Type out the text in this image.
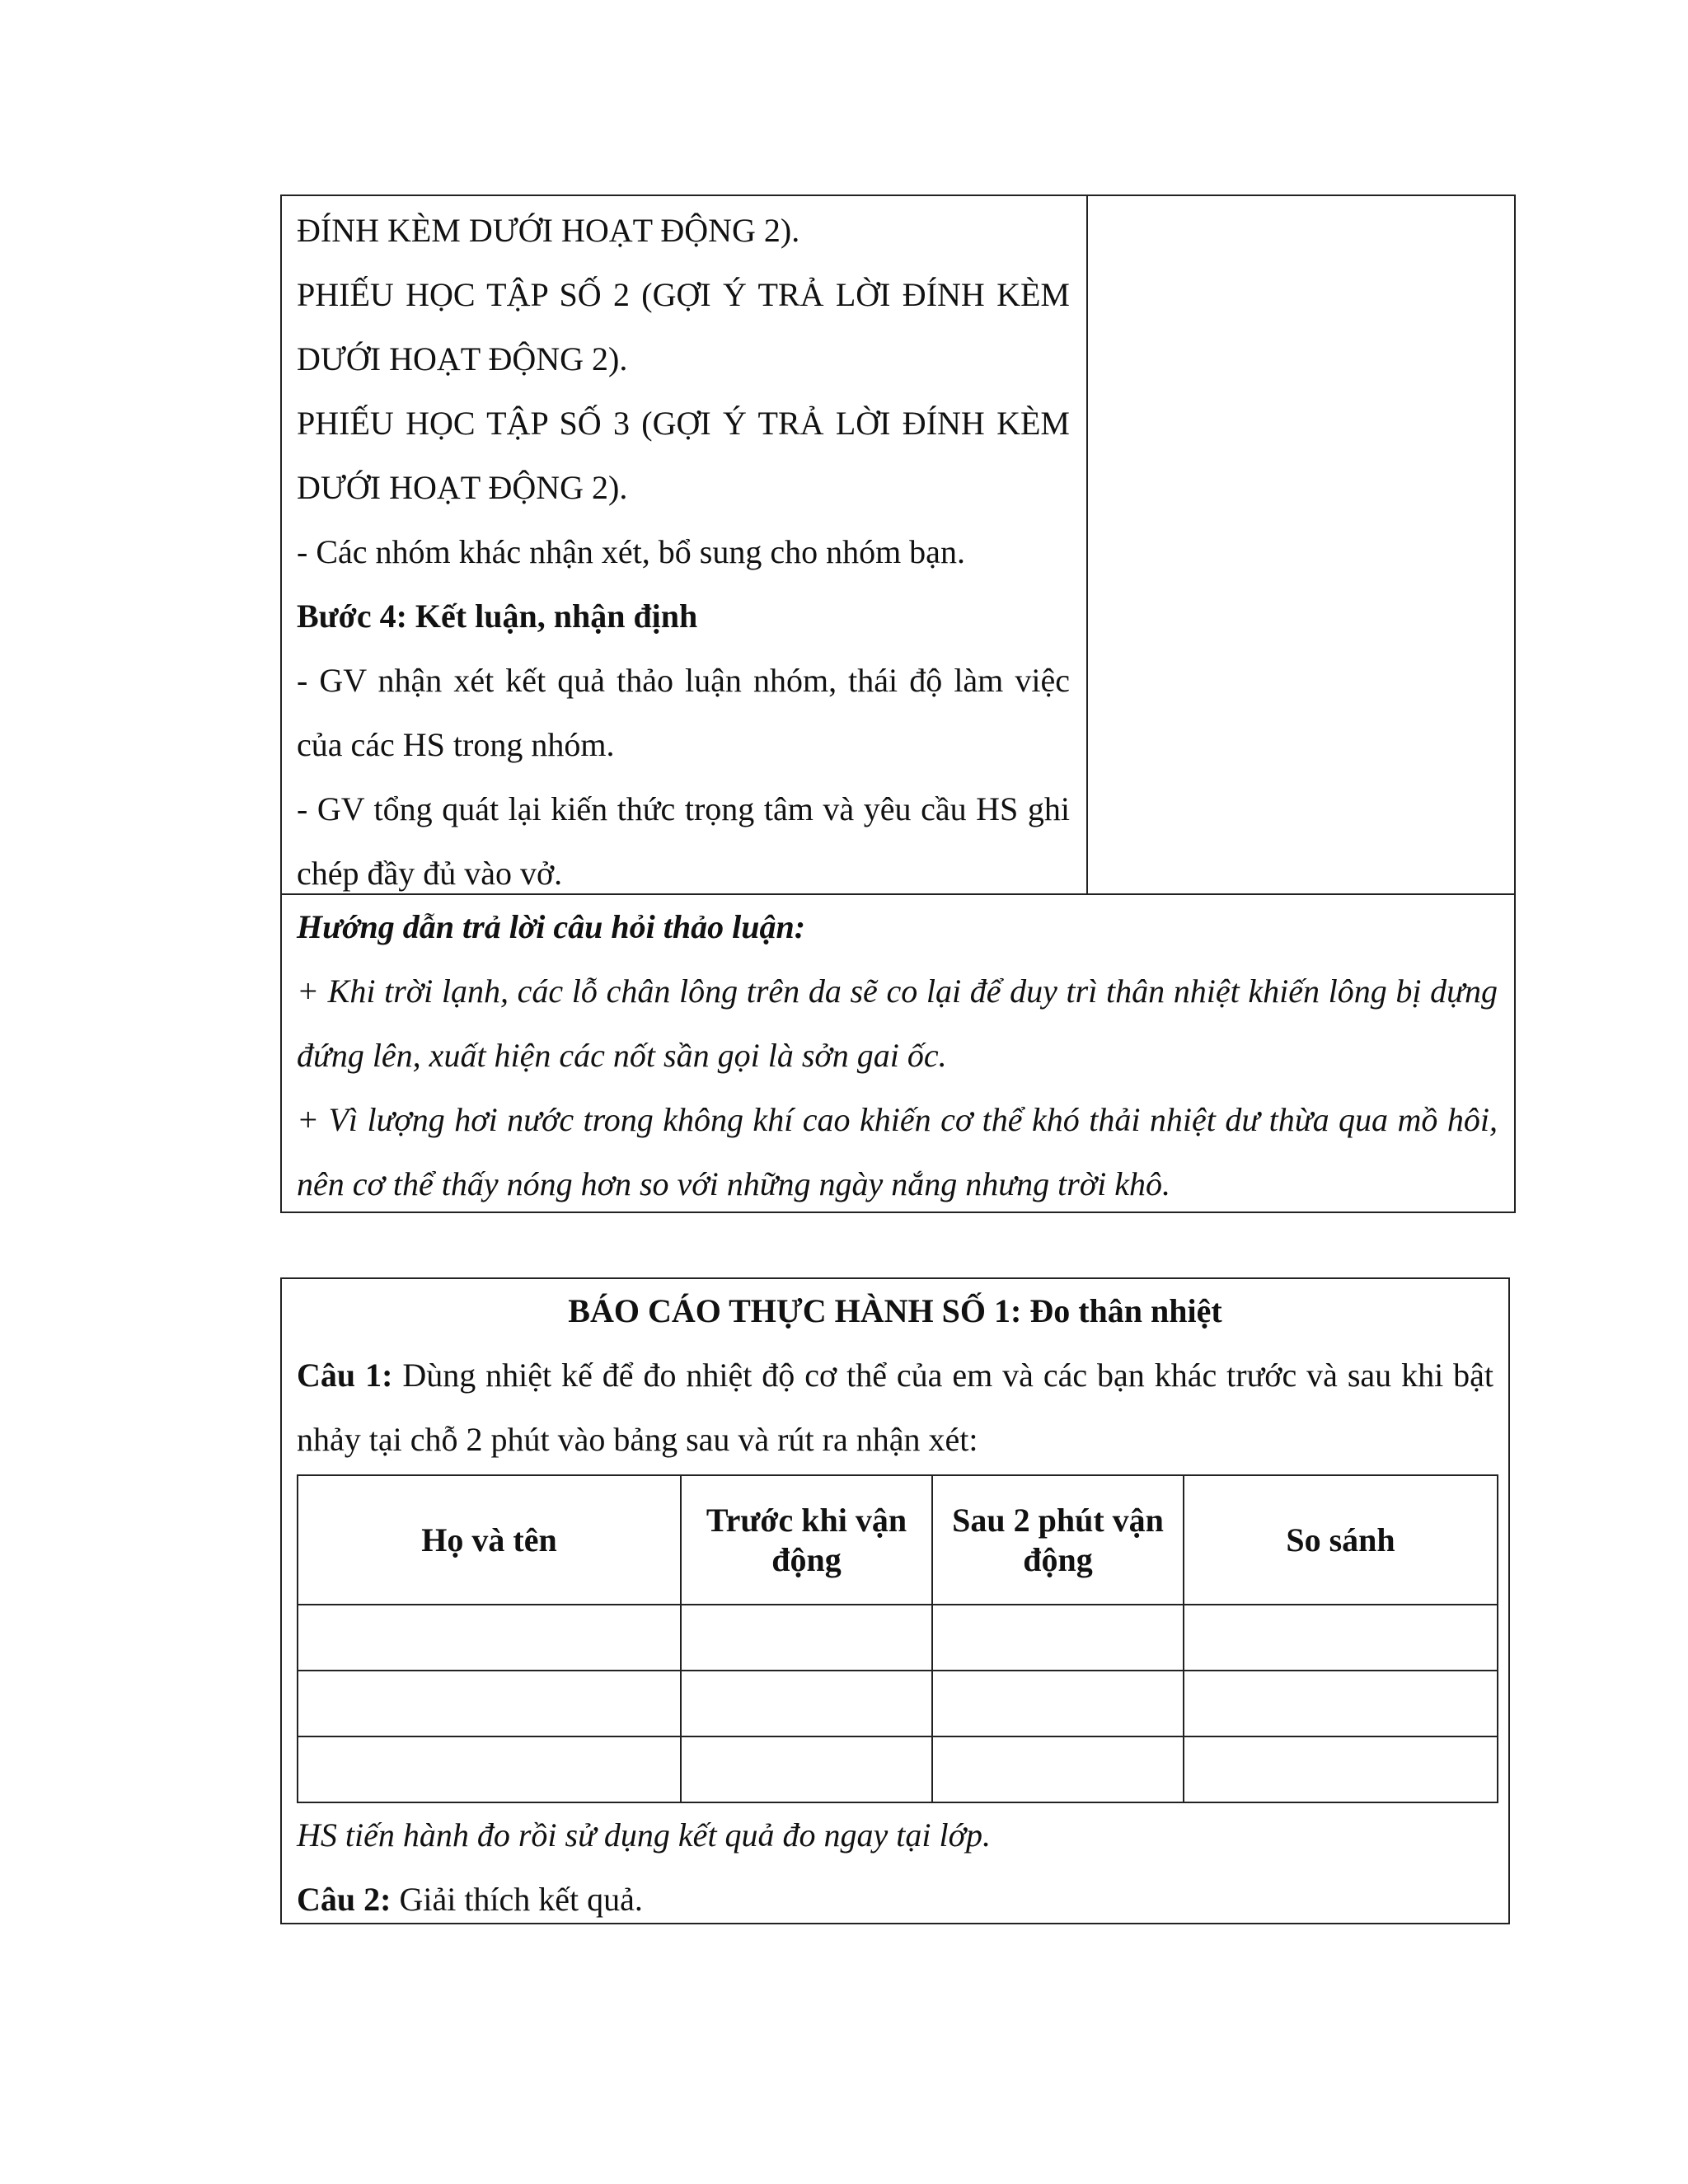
ĐÍNH KÈM DƯỚI HOẠT ĐỘNG 2).

PHIẾU HỌC TẬP SỐ 2 (GỢI Ý TRẢ LỜI ĐÍNH KÈM DƯỚI HOẠT ĐỘNG 2).

PHIẾU HỌC TẬP SỐ 3 (GỢI Ý TRẢ LỜI ĐÍNH KÈM DƯỚI HOẠT ĐỘNG 2).

- Các nhóm khác nhận xét, bổ sung cho nhóm bạn.

Bước 4: Kết luận, nhận định

- GV nhận xét kết quả thảo luận nhóm, thái độ làm việc của các HS trong nhóm.

- GV tổng quát lại kiến thức trọng tâm và yêu cầu HS ghi chép đầy đủ vào vở.

Hướng dẫn trả lời câu hỏi thảo luận:

+ Khi trời lạnh, các lỗ chân lông trên da sẽ co lại để duy trì thân nhiệt khiến lông bị dựng đứng lên, xuất hiện các nốt sần gọi là sởn gai ốc.

+ Vì lượng hơi nước trong không khí cao khiến cơ thể khó thải nhiệt dư thừa qua mồ hôi, nên cơ thể thấy nóng hơn so với những ngày nắng nhưng trời khô.

BÁO CÁO THỰC HÀNH SỐ 1: Đo thân nhiệt

Câu 1: Dùng nhiệt kế để đo nhiệt độ cơ thể của em và các bạn khác trước và sau khi bật nhảy tại chỗ 2 phút vào bảng sau và rút ra nhận xét:

Họ và tên	Trước khi vận động	Sau 2 phút vận động	So sánh

HS tiến hành đo rồi sử dụng kết quả đo ngay tại lớp.

Câu 2: Giải thích kết quả.
